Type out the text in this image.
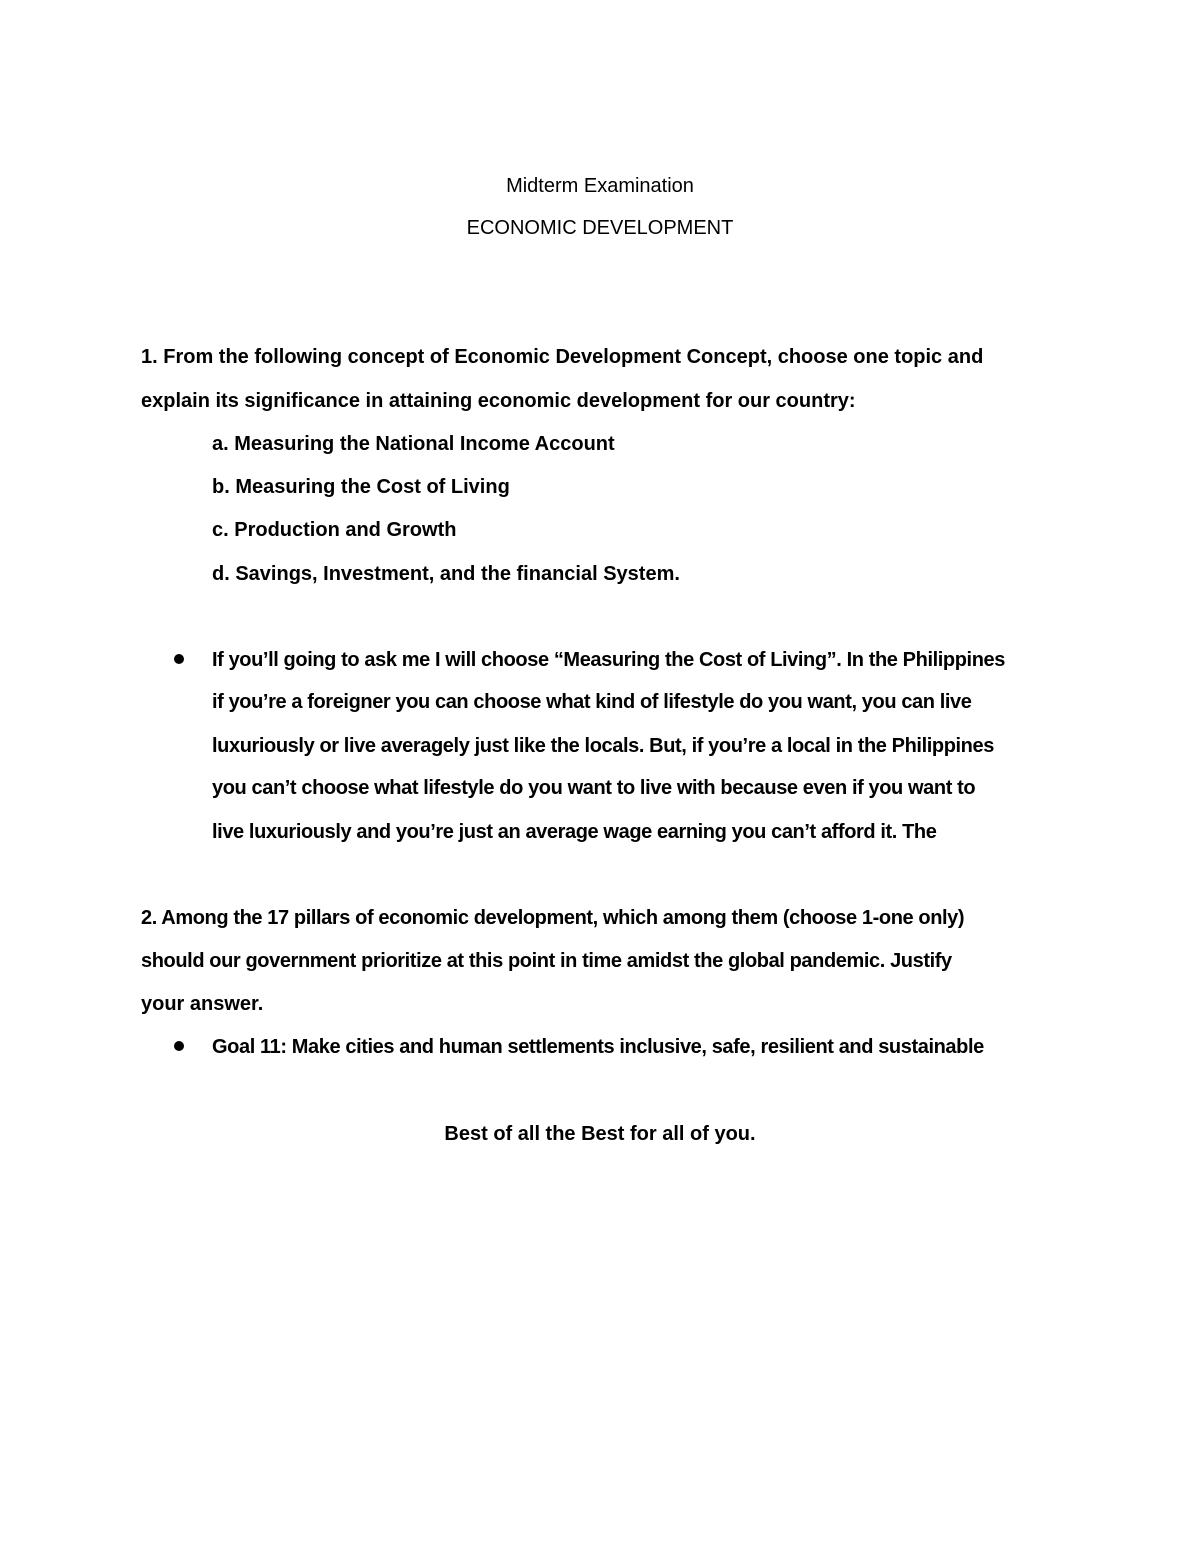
Midterm Examination
ECONOMIC DEVELOPMENT
1. From the following concept of Economic Development Concept, choose one topic and
explain its significance in attaining economic development for our country:
a. Measuring the National Income Account
b. Measuring the Cost of Living
c. Production and Growth
d. Savings, Investment, and the financial System.
If you’ll going to ask me I will choose “Measuring the Cost of Living”. In the Philippines
if you’re a foreigner you can choose what kind of lifestyle do you want, you can live
luxuriously or live averagely just like the locals. But, if you’re a local in the Philippines
you can’t choose what lifestyle do you want to live with because even if you want to
live luxuriously and you’re just an average wage earning you can’t afford it. The
2. Among the 17 pillars of economic development, which among them (choose 1-one only)
should our government prioritize at this point in time amidst the global pandemic. Justify
your answer.
Goal 11: Make cities and human settlements inclusive, safe, resilient and sustainable
Best of all the Best for all of you.
